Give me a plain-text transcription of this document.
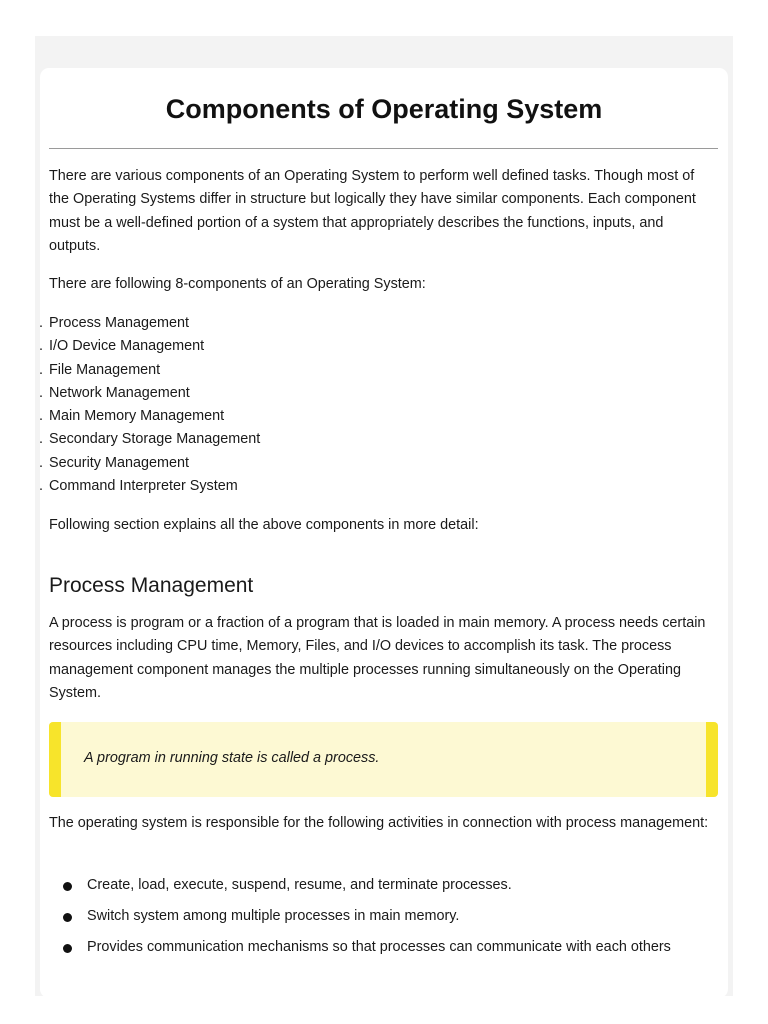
Components of Operating System

There are various components of an Operating System to perform well defined tasks. Though most of the Operating Systems differ in structure but logically they have similar components. Each component must be a well-defined portion of a system that appropriately describes the functions, inputs, and outputs.

There are following 8-components of an Operating System:

. Process Management
. I/O Device Management
. File Management
. Network Management
. Main Memory Management
. Secondary Storage Management
. Security Management
. Command Interpreter System

Following section explains all the above components in more detail:

Process Management

A process is program or a fraction of a program that is loaded in main memory. A process needs certain resources including CPU time, Memory, Files, and I/O devices to accomplish its task. The process management component manages the multiple processes running simultaneously on the Operating System.

A program in running state is called a process.

The operating system is responsible for the following activities in connection with process management:

Create, load, execute, suspend, resume, and terminate processes.
Switch system among multiple processes in main memory.
Provides communication mechanisms so that processes can communicate with each others
